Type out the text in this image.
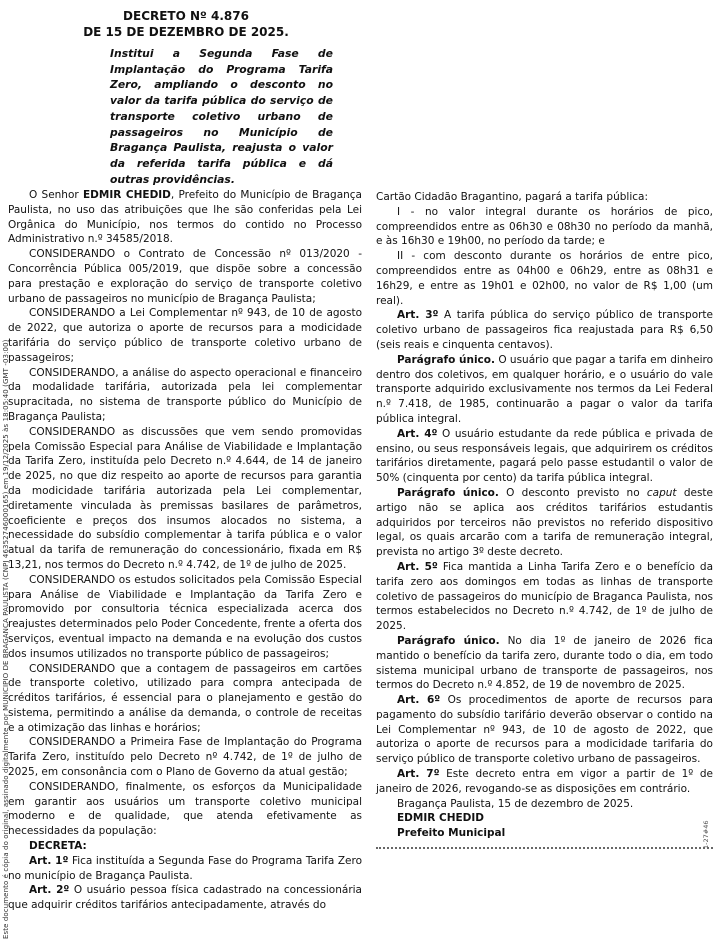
Este documento é cópia do original, assinado digitalmente por MUNICIPIO DE BRAGANÇA PAULISTA (CNPJ 46352746000165) em 19/12/2025 às 18:05:40 (GMT -03:00)	1-27#46
DECRETO Nº 4.876
DE 15 DE DEZEMBRO DE 2025.
Institui a Segunda Fase de Implantação do Programa Tarifa Zero, ampliando o desconto no valor da tarifa pública do serviço de transporte coletivo urbano de passageiros no Município de Bragança Paulista, reajusta o valor da referida tarifa pública e dá outras providências.

O Senhor EDMIR CHEDID, Prefeito do Município de Bragança Paulista, no uso das atribuições que lhe são conferidas pela Lei Orgânica do Município, nos termos do contido no Processo Administrativo n.º 34585/2018.

CONSIDERANDO o Contrato de Concessão nº 013/2020 - Concorrência Pública 005/2019, que dispõe sobre a concessão para prestação e exploração do serviço de transporte coletivo urbano de passageiros no município de Bragança Paulista;

CONSIDERANDO a Lei Complementar nº 943, de 10 de agosto de 2022, que autoriza o aporte de recursos para a modicidade tarifária do serviço público de transporte coletivo urbano de passageiros;

CONSIDERANDO, a análise do aspecto operacional e financeiro da modalidade tarifária, autorizada pela lei complementar supracitada, no sistema de transporte público do Município de Bragança Paulista;

CONSIDERANDO as discussões que vem sendo promovidas pela Comissão Especial para Análise de Viabilidade e Implantação da Tarifa Zero, instituída pelo Decreto n.º 4.644, de 14 de janeiro de 2025, no que diz respeito ao aporte de recursos para garantia da modicidade tarifária autorizada pela Lei complementar, diretamente vinculada às premissas basilares de parâmetros, coeficiente e preços dos insumos alocados no sistema, a necessidade do subsídio complementar à tarifa pública e o valor atual da tarifa de remuneração do concessionário, fixada em R$ 13,21, nos termos do Decreto n.º 4.742, de 1º de julho de 2025.

CONSIDERANDO os estudos solicitados pela Comissão Especial para Análise de Viabilidade e Implantação da Tarifa Zero e promovido por consultoria técnica especializada acerca dos reajustes determinados pelo Poder Concedente, frente a oferta dos serviços, eventual impacto na demanda e na evolução dos custos dos insumos utilizados no transporte público de passageiros;

CONSIDERANDO que a contagem de passageiros em cartões de transporte coletivo, utilizado para compra antecipada de créditos tarifários, é essencial para o planejamento e gestão do sistema, permitindo a análise da demanda, o controle de receitas e a otimização das linhas e horários;

CONSIDERANDO a Primeira Fase de Implantação do Programa Tarifa Zero, instituído pelo Decreto nº 4.742, de 1º de julho de 2025, em consonância com o Plano de Governo da atual gestão;

CONSIDERANDO, finalmente, os esforços da Municipalidade em garantir aos usuários um transporte coletivo municipal moderno e de qualidade, que atenda efetivamente as necessidades da população:

DECRETA:

Art. 1º Fica instituída a Segunda Fase do Programa Tarifa Zero no município de Bragança Paulista.

Art. 2º O usuário pessoa física cadastrado na concessionária que adquirir créditos tarifários antecipadamente, através do

Cartão Cidadão Bragantino, pagará a tarifa pública:

I - no valor integral durante os horários de pico, compreendidos entre as 06h30 e 08h30 no período da manhã, e às 16h30 e 19h00, no período da tarde; e

II - com desconto durante os horários de entre pico, compreendidos entre as 04h00 e 06h29, entre as 08h31 e 16h29, e entre as 19h01 e 02h00, no valor de R$ 1,00 (um real).

Art. 3º A tarifa pública do serviço público de transporte coletivo urbano de passageiros fica reajustada para R$ 6,50 (seis reais e cinquenta centavos).

Parágrafo único. O usuário que pagar a tarifa em dinheiro dentro dos coletivos, em qualquer horário, e o usuário do vale transporte adquirido exclusivamente nos termos da Lei Federal n.º 7.418, de 1985, continuarão a pagar o valor da tarifa pública integral.

Art. 4º O usuário estudante da rede pública e privada de ensino, ou seus responsáveis legais, que adquirirem os créditos tarifários diretamente, pagará pelo passe estudantil o valor de 50% (cinquenta por cento) da tarifa pública integral.

Parágrafo único. O desconto previsto no caput deste artigo não se aplica aos créditos tarifários estudantis adquiridos por terceiros não previstos no referido dispositivo legal, os quais arcarão com a tarifa de remuneração integral, prevista no artigo 3º deste decreto.

Art. 5º Fica mantida a Linha Tarifa Zero e o benefício da tarifa zero aos domingos em todas as linhas de transporte coletivo de passageiros do município de Braganca Paulista, nos termos estabelecidos no Decreto n.º 4.742, de 1º de julho de 2025.

Parágrafo único. No dia 1º de janeiro de 2026 fica mantido o benefício da tarifa zero, durante todo o dia, em todo sistema municipal urbano de transporte de passageiros, nos termos do Decreto n.º 4.852, de 19 de novembro de 2025.

Art. 6º Os procedimentos de aporte de recursos para pagamento do subsídio tarifário deverão observar o contido na Lei Complementar nº 943, de 10 de agosto de 2022, que autoriza o aporte de recursos para a modicidade tarifaria do serviço público de transporte coletivo urbano de passageiros.

Art. 7º Este decreto entra em vigor a partir de 1º de janeiro de 2026, revogando-se as disposições em contrário.

Bragança Paulista, 15 de dezembro de 2025.

EDMIR CHEDID

Prefeito Municipal
